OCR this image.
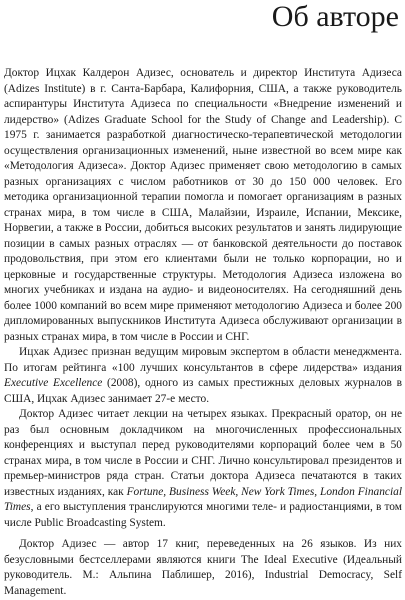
Об авторе

Доктор Ицхак Калдерон Адизес, основатель и директор Института Адизеса (Adizes Institute) в г. Санта-Барбара, Калифорния, США, а также руководитель аспирантуры Института Адизеса по специальности «Внедрение изменений и лидерство» (Adizes Graduate School for the Study of Change and Leadership). С 1975 г. занимается разработкой диагностическо-терапевтической методологии осуществления организационных изменений, ныне известной во всем мире как «Методология Адизеса». Доктор Адизес применяет свою методологию в самых разных организациях с числом работников от 30 до 150 000 человек. Его методика организационной терапии помогла и помогает организациям в разных странах мира, в том числе в США, Малайзии, Израиле, Испании, Мексике, Норвегии, а также в России, добиться высоких результатов и занять лидирующие позиции в самых разных отраслях — от банковской деятельности до поставок продовольствия, при этом его клиентами были не только корпорации, но и церковные и государственные структуры. Методология Адизеса изложена во многих учебниках и издана на аудио- и видеоносителях. На сегодняшний день более 1000 компаний во всем мире применяют методологию Адизеса и более 200 дипломированных выпускников Института Адизеса обслуживают организации в разных странах мира, в том числе в России и СНГ.

Ицхак Адизес признан ведущим мировым экспертом в области менеджмента. По итогам рейтинга «100 лучших консультантов в сфере лидерства» издания Executive Excellence (2008), одного из самых престижных деловых журналов в США, Ицхак Адизес занимает 27-е место.

Доктор Адизес читает лекции на четырех языках. Прекрасный оратор, он не раз был основным докладчиком на многочисленных профессиональных конференциях и выступал перед руководителями корпораций более чем в 50 странах мира, в том числе в России и СНГ. Лично консультировал президентов и премьер-министров ряда стран. Статьи доктора Адизеса печатаются в таких известных изданиях, как Fortune, Business Week, New York Times, London Financial Times, а его выступления транслируются многими теле- и радиостанциями, в том числе Public Broadcasting System.

Доктор Адизес — автор 17 книг, переведенных на 26 языков. Из них безусловными бестселлерами являются книги The Ideal Executive (Идеальный руководитель. М.: Альпина Паблишер, 2016), Industrial Democracy, Self Management.
